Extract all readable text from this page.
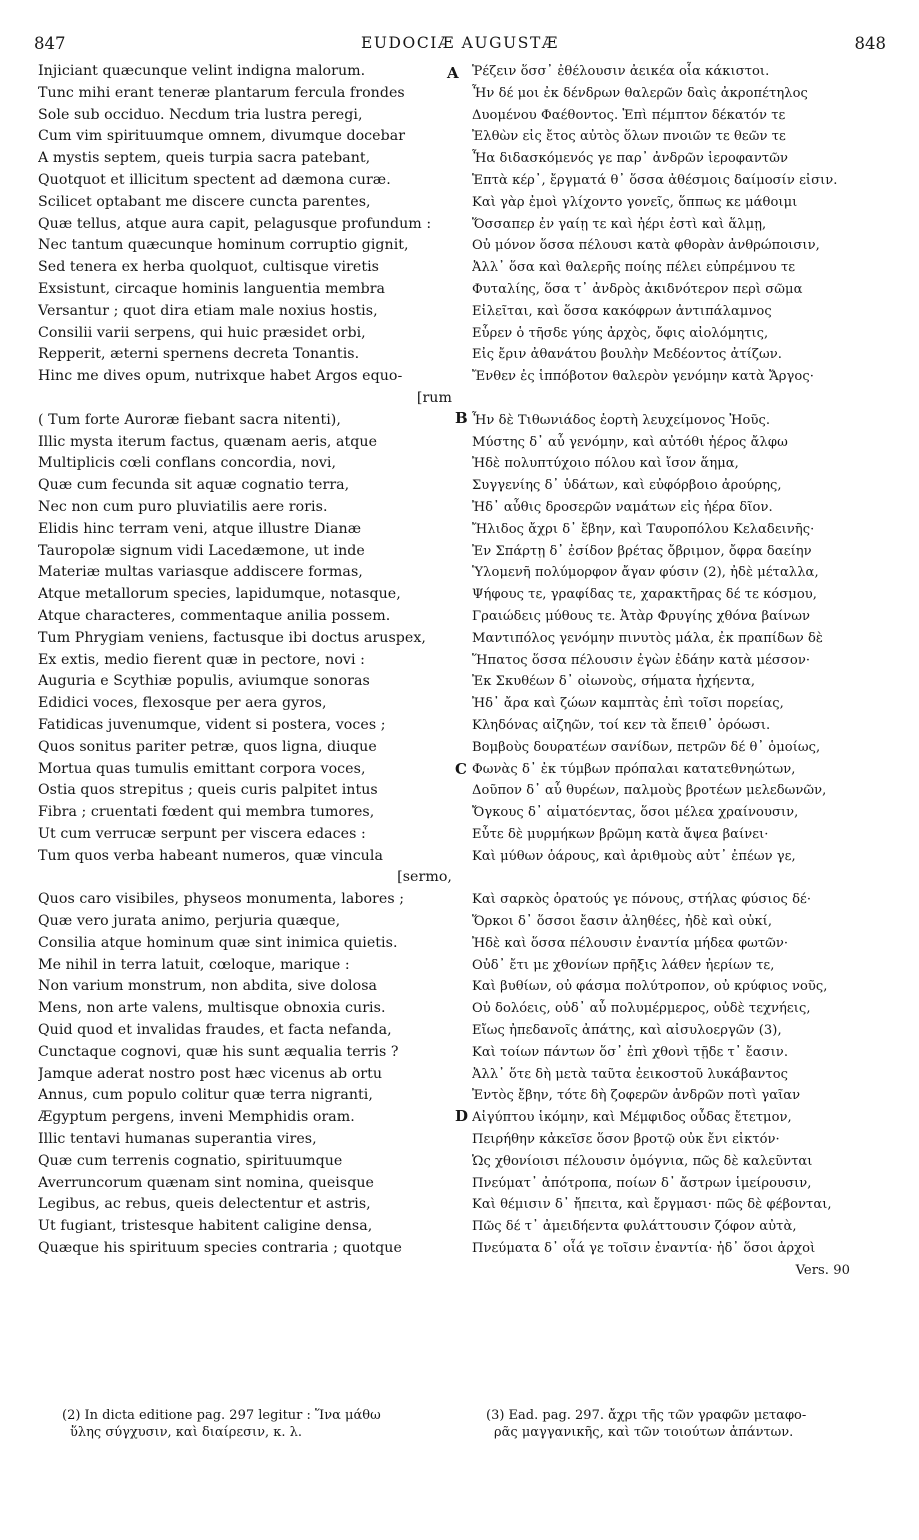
847	EUDOCIÆ AUGUSTÆ	848
Injiciant quæcunque velint indigna malorum.
Tunc mihi erant teneræ plantarum fercula frondes
Sole sub occiduo. Necdum tria lustra peregi,
Cum vim spirituumque omnem, divumque docebar
A mystis septem, queis turpia sacra patebant,
Quotquot et illicitum spectent ad dæmona curæ.
Scilicet optabant me discere cuncta parentes,
Quæ tellus, atque aura capit, pelagusque profundum :
Nec tantum quæcunque hominum corruptio gignit,
Sed tenera ex herba quolquot, cultisque viretis
Exsistunt, circaque hominis languentia membra
Versantur ; quot dira etiam male noxius hostis,
Consilii varii serpens, qui huic præsidet orbi,
Repperit, æterni spernens decreta Tonantis.
Hinc me dives opum, nutrixque habet Argos equo-
[rum
( Tum forte Auroræ fiebant sacra nitenti),
Illic mysta iterum factus, quænam aeris, atque
Multiplicis cœli conflans concordia, novi,
Quæ cum fecunda sit aquæ cognatio terra,
Nec non cum puro pluviatilis aere roris.
Elidis hinc terram veni, atque illustre Dianæ
Tauropolæ signum vidi Lacedæmone, ut inde
Materiæ multas variasque addiscere formas,
Atque metallorum species, lapidumque, notasque,
Atque characteres, commentaque anilia possem.
Tum Phrygiam veniens, factusque ibi doctus aruspex,
Ex extis, medio fierent quæ in pectore, novi :
Auguria e Scythiæ populis, aviumque sonoras
Edidici voces, flexosque per aera gyros,
Fatidicas juvenumque, vident si postera, voces ;
Quos sonitus pariter petræ, quos ligna, diuque
Mortua quas tumulis emittant corpora voces,
Ostia quos strepitus ; queis curis palpitet intus
Fibra ; cruentati fœdent qui membra tumores,
Ut cum verrucæ serpunt per viscera edaces :
Tum quos verba habeant numeros, quæ vincula
[sermo,
Quos caro visibiles, physeos monumenta, labores ;
Quæ vero jurata animo, perjuria quæque,
Consilia atque hominum quæ sint inimica quietis.
Me nihil in terra latuit, cœloque, marique :
Non varium monstrum, non abdita, sive dolosa
Mens, non arte valens, multisque obnoxia curis.
Quid quod et invalidas fraudes, et facta nefanda,
Cunctaque cognovi, quæ his sunt æqualia terris ?
Jamque aderat nostro post hæc vicenus ab ortu
Annus, cum populo colitur quæ terra nigranti,
Ægyptum pergens, inveni Memphidis oram.
Illic tentavi humanas superantia vires,
Quæ cum terrenis cognatio, spirituumque
Averruncorum quænam sint nomina, queisque
Legibus, ac rebus, queis delectentur et astris,
Ut fugiant, tristesque habitent caligine densa,
Quæque his spirituum species contraria ; quotque
Ῥέζειν ὅσσ᾽ ἐθέλουσιν ἀεικέα οἷα κάκιστοι.
Ἦν δέ μοι ἐκ δένδρων θαλερῶν δαὶς ἀκροπέτηλος
Δυομένου Φαέθοντος. Ἐπὶ πέμπτον δέκατόν τε
Ἐλθὼν εἰς ἔτος αὐτὸς ὅλων πνοιῶν τε θεῶν τε
Ἦα διδασκόμενός γε παρ᾽ ἀνδρῶν ἱεροφαντῶν
Ἑπτὰ κέρ᾽, ἔργματά θ᾽ ὅσσα ἀθέσμοις δαίμοσίν εἰσιν.
Καὶ γὰρ ἐμοὶ γλίχοντο γονεῖς, ὅππως κε μάθοιμι
Ὅσσαπερ ἐν γαίῃ τε καὶ ἠέρι ἐστὶ καὶ ἅλμῃ,
Οὐ μόνον ὅσσα πέλουσι κατὰ φθορὰν ἀνθρώποισιν,
Ἀλλ᾽ ὅσα καὶ θαλερῆς ποίης πέλει εὐπρέμνου τε
Φυταλίης, ὅσα τ᾽ ἀνδρὸς ἀκιδνότερον περὶ σῶμα
Εἰλεῖται, καὶ ὅσσα κακόφρων ἀντιπάλαμνος
Εὗρεν ὁ τῆσδε γύης ἀρχὸς, ὄφις αἰολόμητις,
Εἰς ἔριν ἀθανάτου βουλὴν Μεδέοντος ἀτίζων.
Ἔνθεν ἐς ἱππόβοτον θαλερὸν γενόμην κατὰ Ἄργος·
Ἦν δὲ Τιθωνιάδος ἑορτὴ λευχείμονος Ἠοῦς.
Μύστης δ᾽ αὖ γενόμην, καὶ αὐτόθι ἠέρος ἄλφω
Ἠδὲ πολυπτύχοιο πόλου καὶ ἴσον ἅημα,
Συγγενίης δ᾽ ὑδάτων, καὶ εὐφόρβοιο ἀρούρης,
Ἠδ᾽ αὖθις δροσερῶν ναμάτων εἰς ἠέρα δῖον.
Ἤλιδος ἄχρι δ᾽ ἔβην, καὶ Ταυροπόλου Κελαδεινῆς·
Ἐν Σπάρτῃ δ᾽ ἐσίδον βρέτας ὄβριμον, ὄφρα δαείην
Ὑλομενῆ πολύμορφον ἄγαν φύσιν (2), ἠδὲ μέταλλα,
Ψήφους τε, γραφίδας τε, χαρακτῆρας δέ τε κόσμου,
Γραιώδεις μύθους τε. Ἀτὰρ Φρυγίης χθόνα βαίνων
Μαντιπόλος γενόμην πινυτὸς μάλα, ἐκ πραπίδων δὲ
Ἥπατος ὅσσα πέλουσιν ἐγὼν ἐδάην κατὰ μέσσον·
Ἐκ Σκυθέων δ᾽ οἰωνοὺς, σήματα ἠχήεντα,
Ἠδ᾽ ἄρα καὶ ζώων καμπτὰς ἐπὶ τοῖσι πορείας,
Κληδόνας αἰζηῶν, τοί κεν τὰ ἔπειθ᾽ ὁρόωσι.
Βομβοὺς δουρατέων σανίδων, πετρῶν δέ θ᾽ ὁμοίως,
Φωνὰς δ᾽ ἐκ τύμβων πρόπαλαι κατατεθνηώτων,
Δοῦπον δ᾽ αὖ θυρέων, παλμοὺς βροτέων μελεδωνῶν,
Ὄγκους δ᾽ αἱματόεντας, ὅσοι μέλεα χραίνουσιν,
Εὖτε δὲ μυρμήκων βρῶμη κατὰ ἄψεα βαίνει·
Καὶ μύθων ὁάρους, καὶ ἀριθμοὺς αὐτ᾽ ἐπέων γε,
Καὶ σαρκὸς ὁρατούς γε πόνους, στήλας φύσιος δέ·
Ὅρκοι δ᾽ ὅσσοι ἔασιν ἀληθέες, ἠδὲ καὶ οὐκί,
Ἠδὲ καὶ ὅσσα πέλουσιν ἐναντία μήδεα φωτῶν·
Οὐδ᾽ ἔτι με χθονίων πρῆξις λάθεν ἠερίων τε,
Καὶ βυθίων, οὐ φάσμα πολύτροπον, οὐ κρύφιος νοῦς,
Οὐ δολόεις, οὐδ᾽ αὖ πολυμέρμερος, οὐδὲ τεχνήεις,
Εἴως ἠπεδανοῖς ἀπάτης, καὶ αἰσυλοεργῶν (3),
Καὶ τοίων πάντων ὅσ᾽ ἐπὶ χθονὶ τῇδε τ᾽ ἔασιν.
Ἀλλ᾽ ὅτε δὴ μετὰ ταῦτα ἐεικοστοῦ λυκάβαντος
Ἐντὸς ἔβην, τότε δὴ ζοφερῶν ἀνδρῶν ποτὶ γαῖαν
Αἰγύπτου ἱκόμην, καὶ Μέμφιδος οὖδας ἔτετμον,
Πειρήθην κἀκεῖσε ὅσον βροτῷ οὐκ ἔνι εἰκτόν·
Ὡς χθονίοισι πέλουσιν ὁμόγνια, πῶς δὲ καλεῦνται
Πνεύματ᾽ ἀπότροπα, ποίων δ᾽ ἄστρων ἱμείρουσιν,
Καὶ θέμισιν δ᾽ ἤπειτα, καὶ ἔργμασι· πῶς δὲ φέβονται,
Πῶς δέ τ᾽ ἀμειδήεντα φυλάττουσιν ζόφον αὐτὰ,
Πνεύματα δ᾽ οἷά γε τοῖσιν ἐναντία· ἠδ᾽ ὅσοι ἀρχοὶ
Vers. 90
A
B
C
D
(2) In dicta editione pag. 297 legitur : Ἵνα μάθω
ὕλης σύγχυσιν, καὶ διαίρεσιν, κ. λ.
(3) Ead. pag. 297. ἄχρι τῆς τῶν γραφῶν μεταφο-
ρᾶς μαγγανικῆς, καὶ τῶν τοιούτων ἀπάντων.
